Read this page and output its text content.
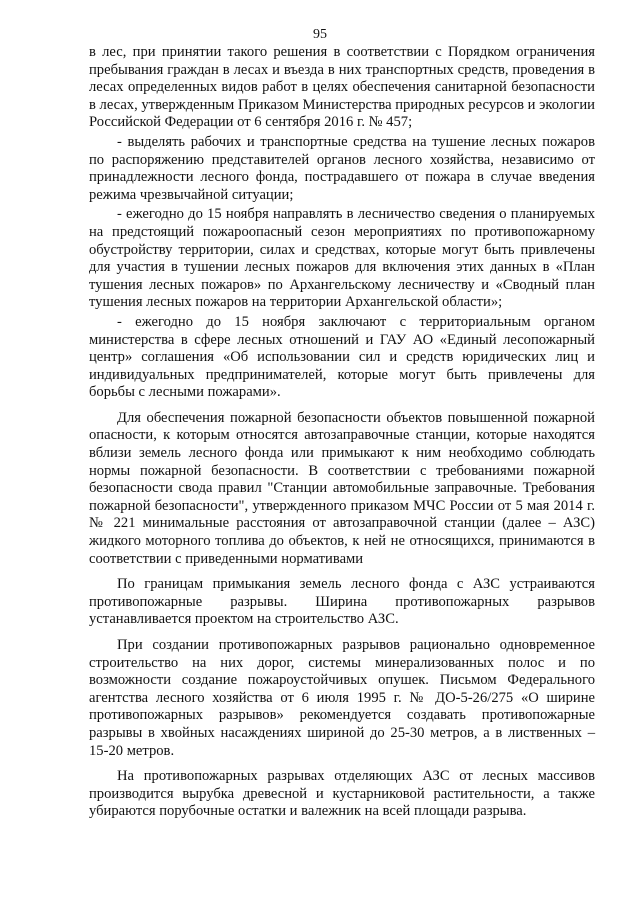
95

в лес, при принятии такого решения в соответствии с Порядком ограничения пребывания граждан в лесах и въезда в них транспортных средств, проведения в лесах определенных видов работ в целях обеспечения санитарной безопасности в лесах, утвержденным Приказом Министерства природных ресурсов и экологии Российской Федерации от 6 сентября 2016 г. № 457;

- выделять рабочих и транспортные средства на тушение лесных пожаров по распоряжению представителей органов лесного хозяйства, независимо от принадлежности лесного фонда, пострадавшего от пожара в случае введения режима чрезвычайной ситуации;

- ежегодно до 15 ноября направлять в лесничество сведения о планируемых на предстоящий пожароопасный сезон мероприятиях по противопожарному обустройству территории, силах и средствах, которые могут быть привлечены для участия в тушении лесных пожаров для включения этих данных в «План тушения лесных пожаров» по Архангельскому лесничеству и «Сводный план тушения лесных пожаров на территории Архангельской области»;

- ежегодно до 15 ноября заключают с территориальным органом министерства в сфере лесных отношений и ГАУ АО «Единый лесопожарный центр» соглашения «Об использовании сил и средств юридических лиц и индивидуальных предпринимателей, которые могут быть привлечены для борьбы с лесными пожарами».

Для обеспечения пожарной безопасности объектов повышенной пожарной опасности, к которым относятся автозаправочные станции, которые находятся вблизи земель лесного фонда или примыкают к ним необходимо соблюдать нормы пожарной безопасности. В соответствии с требованиями пожарной безопасности свода правил "Станции автомобильные заправочные. Требования пожарной безопасности", утвержденного приказом МЧС России от 5 мая 2014 г. № 221 минимальные расстояния от автозаправочной станции (далее – АЗС) жидкого моторного топлива до объектов, к ней не относящихся, принимаются в соответствии с приведенными нормативами

По границам примыкания земель лесного фонда с АЗС устраиваются противопожарные разрывы. Ширина противопожарных разрывов устанавливается проектом на строительство АЗС.

При создании противопожарных разрывов рационально одновременное строительство на них дорог, системы минерализованных полос и по возможности создание пожароустойчивых опушек. Письмом Федерального агентства лесного хозяйства от 6 июля 1995 г. № ДО-5-26/275 «О ширине противопожарных разрывов» рекомендуется создавать противопожарные разрывы в хвойных насаждениях шириной до 25-30 метров, а в лиственных – 15-20 метров.

На противопожарных разрывах отделяющих АЗС от лесных массивов производится вырубка древесной и кустарниковой растительности, а также убираются порубочные остатки и валежник на всей площади разрыва.
